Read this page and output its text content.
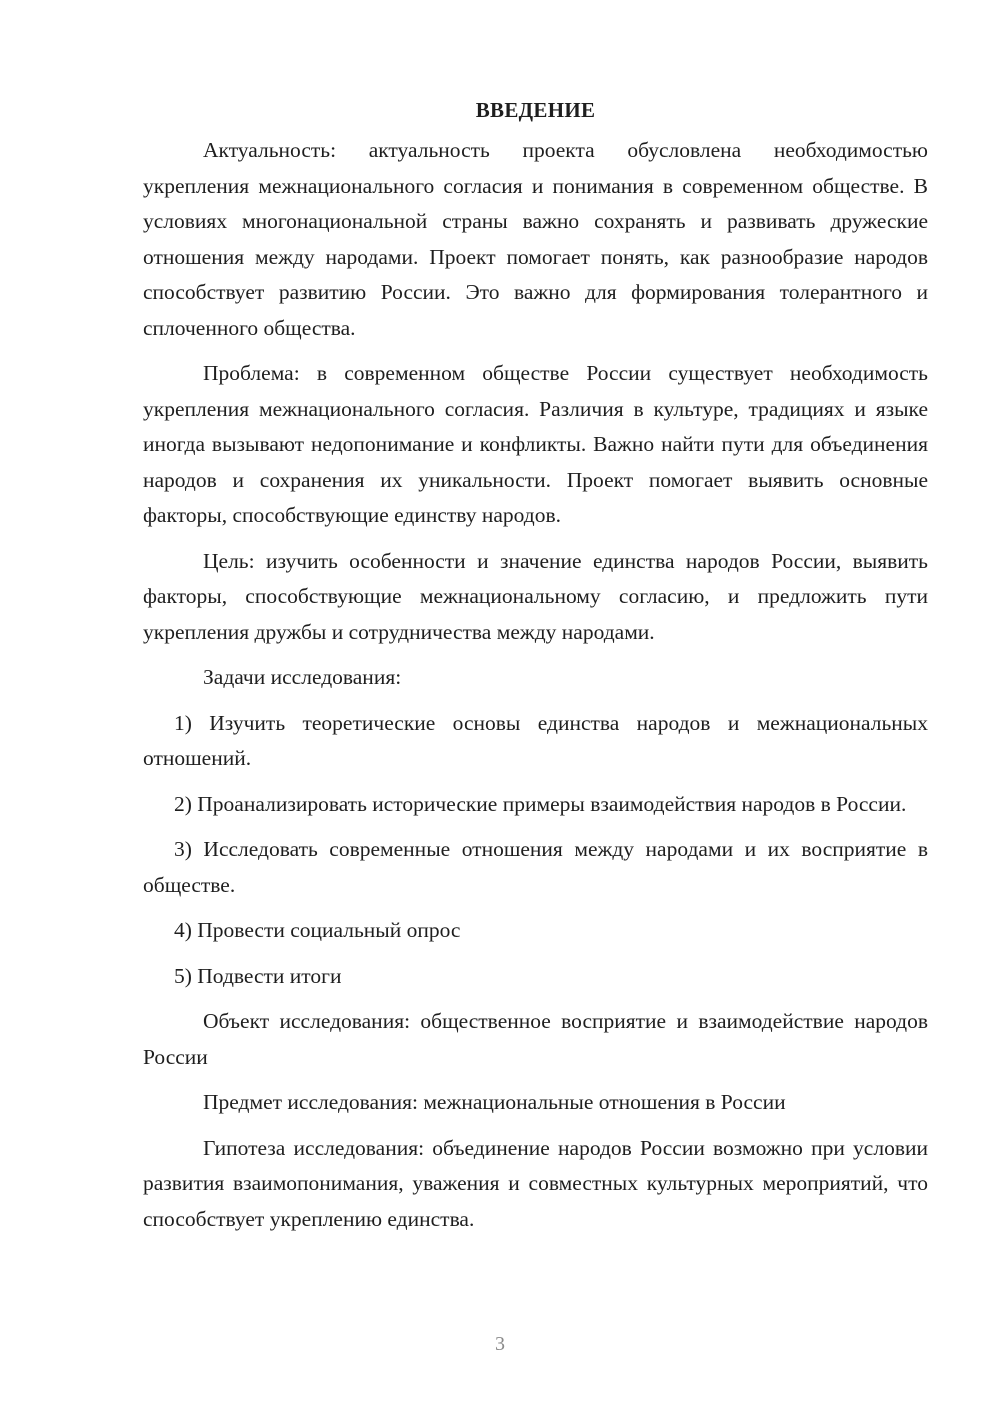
ВВЕДЕНИЕ

Актуальность: актуальность проекта обусловлена необходимостью укрепления межнационального согласия и понимания в современном обществе. В условиях многонациональной страны важно сохранять и развивать дружеские отношения между народами. Проект помогает понять, как разнообразие народов способствует развитию России. Это важно для формирования толерантного и сплоченного общества.

Проблема: в современном обществе России существует необходимость укрепления межнационального согласия. Различия в культуре, традициях и языке иногда вызывают недопонимание и конфликты. Важно найти пути для объединения народов и сохранения их уникальности. Проект помогает выявить основные факторы, способствующие единству народов.

Цель: изучить особенности и значение единства народов России, выявить факторы, способствующие межнациональному согласию, и предложить пути укрепления дружбы и сотрудничества между народами.

Задачи исследования:

1) Изучить теоретические основы единства народов и межнациональных отношений.

2) Проанализировать исторические примеры взаимодействия народов в России.

3) Исследовать современные отношения между народами и их восприятие в обществе.

4) Провести социальный опрос

5) Подвести итоги

Объект исследования: общественное восприятие и взаимодействие народов России

Предмет исследования: межнациональные отношения в России

Гипотеза исследования: объединение народов России возможно при условии развития взаимопонимания, уважения и совместных культурных мероприятий, что способствует укреплению единства.

3
